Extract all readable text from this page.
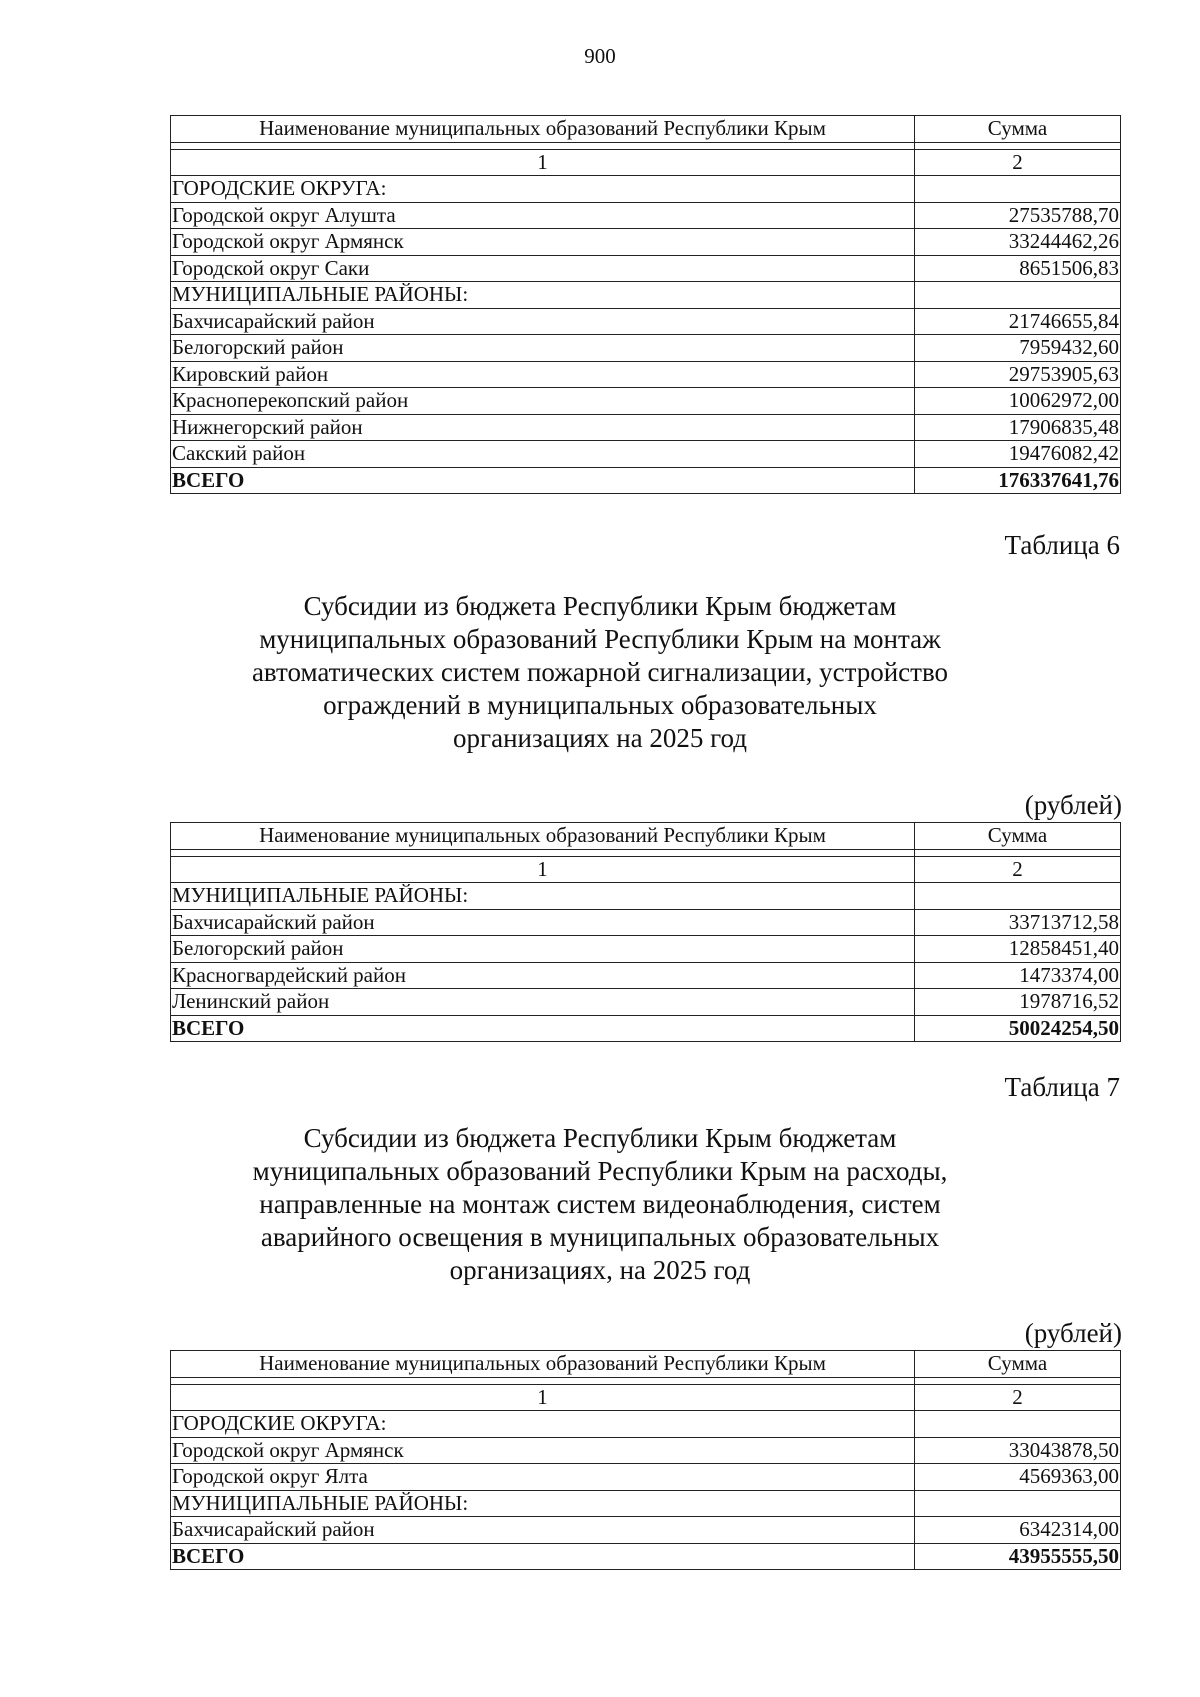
900
Наименование муниципальных образований Республики Крым	Сумма

1	2
ГОРОДСКИЕ ОКРУГА:	
Городской округ Алушта	27535788,70
Городской округ Армянск	33244462,26
Городской округ Саки	8651506,83
МУНИЦИПАЛЬНЫЕ РАЙОНЫ:	
Бахчисарайский район	21746655,84
Белогорский район	7959432,60
Кировский район	29753905,63
Красноперекопский район	10062972,00
Нижнегорский район	17906835,48
Сакский район	19476082,42
ВСЕГО	176337641,76
Таблица 6
Субсидии из бюджета Республики Крым бюджетам
муниципальных образований Республики Крым на монтаж
автоматических систем пожарной сигнализации, устройство
ограждений в муниципальных образовательных
организациях на 2025 год
(рублей)
Наименование муниципальных образований Республики Крым	Сумма

1	2
МУНИЦИПАЛЬНЫЕ РАЙОНЫ:	
Бахчисарайский район	33713712,58
Белогорский район	12858451,40
Красногвардейский район	1473374,00
Ленинский район	1978716,52
ВСЕГО	50024254,50
Таблица 7
Субсидии из бюджета Республики Крым бюджетам
муниципальных образований Республики Крым на расходы,
направленные на монтаж систем видеонаблюдения, систем
аварийного освещения в муниципальных образовательных
организациях, на 2025 год
(рублей)
Наименование муниципальных образований Республики Крым	Сумма

1	2
ГОРОДСКИЕ ОКРУГА:	
Городской округ Армянск	33043878,50
Городской округ Ялта	4569363,00
МУНИЦИПАЛЬНЫЕ РАЙОНЫ:	
Бахчисарайский район	6342314,00
ВСЕГО	43955555,50
